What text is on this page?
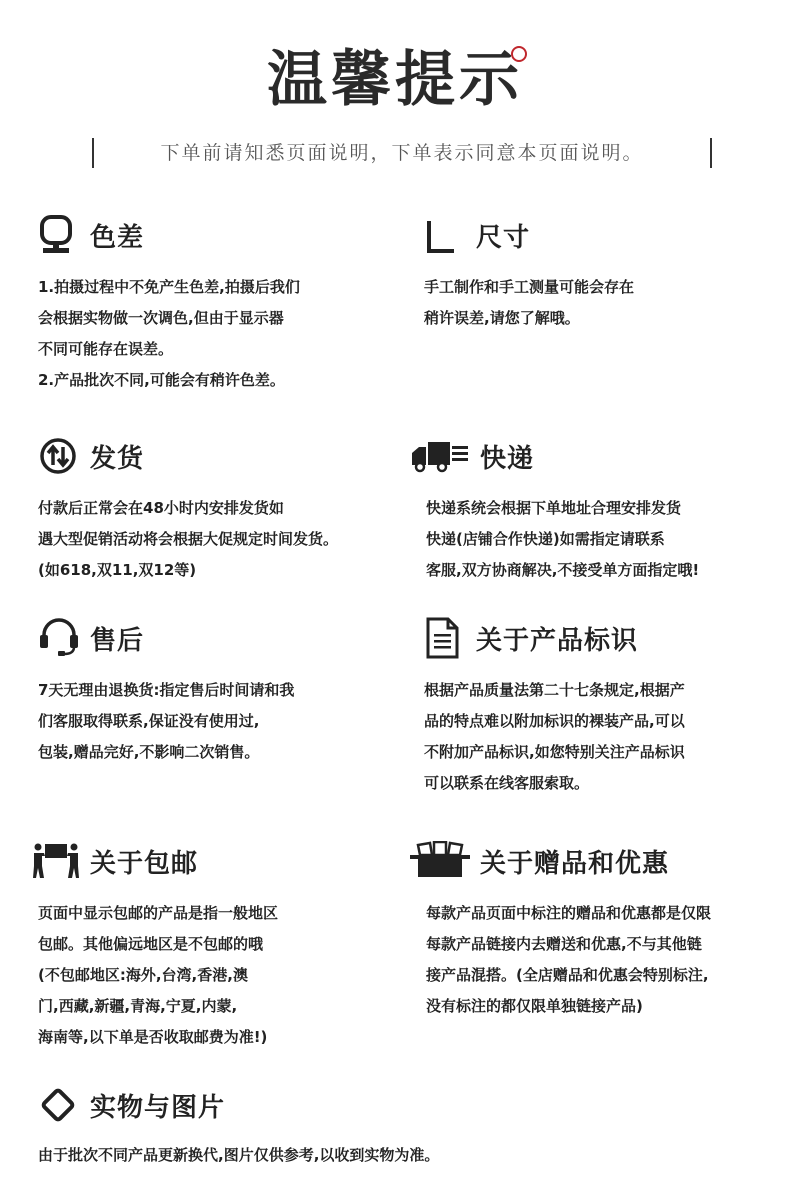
温馨提示
下单前请知悉页面说明，下单表示同意本页面说明。
色差
1.拍摄过程中不免产生色差,拍摄后我们
会根据实物做一次调色,但由于显示器
不同可能存在误差。
2.产品批次不同,可能会有稍许色差。
尺寸
手工制作和手工测量可能会存在
稍许误差,请您了解哦。
发货
付款后正常会在48小时内安排发货如
遇大型促销活动将会根据大促规定时间发货。
(如618,双11,双12等)
快递
快递系统会根据下单地址合理安排发货
快递(店铺合作快递)如需指定请联系
客服,双方协商解决,不接受单方面指定哦!
售后
7天无理由退换货:指定售后时间请和我
们客服取得联系,保证没有使用过,
包装,赠品完好,不影响二次销售。
关于产品标识
根据产品质量法第二十七条规定,根据产
品的特点难以附加标识的裸装产品,可以
不附加产品标识,如您特别关注产品标识
可以联系在线客服索取。
关于包邮
页面中显示包邮的产品是指一般地区
包邮。其他偏远地区是不包邮的哦
(不包邮地区:海外,台湾,香港,澳
门,西藏,新疆,青海,宁夏,内蒙,
海南等,以下单是否收取邮费为准!)
关于赠品和优惠
每款产品页面中标注的赠品和优惠都是仅限
每款产品链接内去赠送和优惠,不与其他链
接产品混搭。(全店赠品和优惠会特别标注,
没有标注的都仅限单独链接产品)
实物与图片
由于批次不同产品更新换代,图片仅供参考,以收到实物为准。
